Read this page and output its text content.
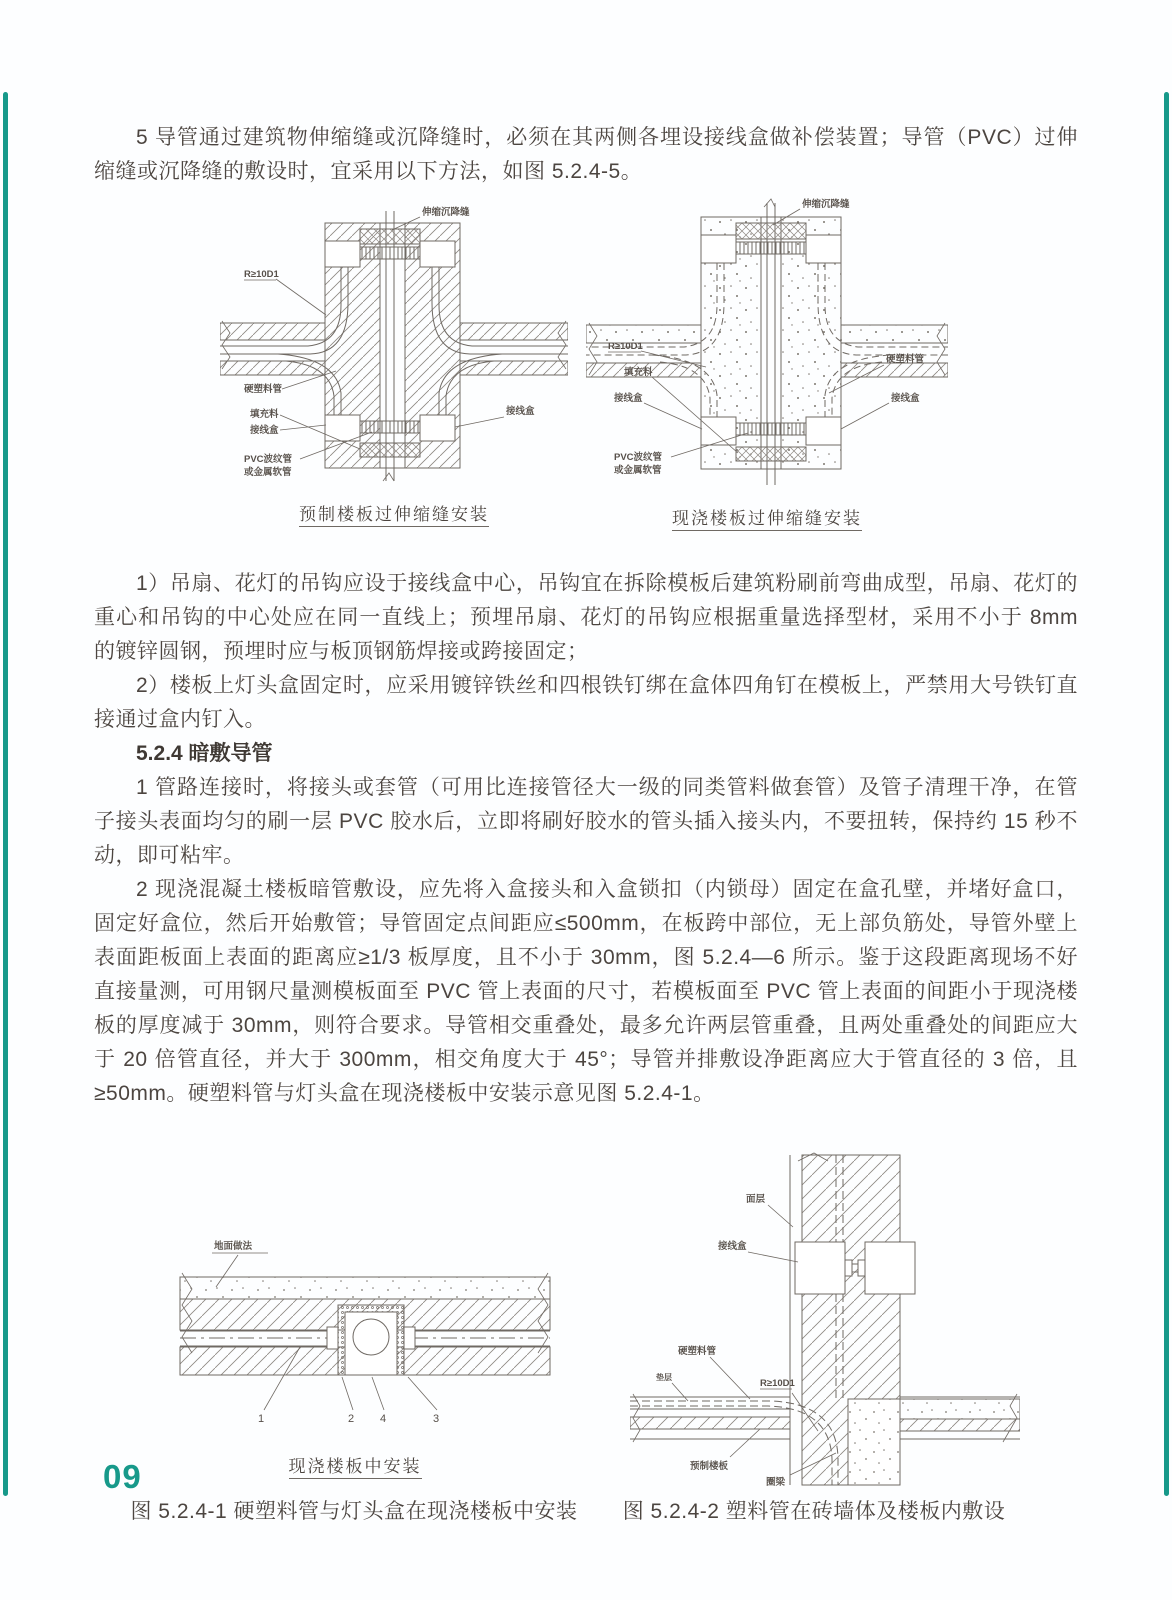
5 导管通过建筑物伸缩缝或沉降缝时，必须在其两侧各埋设接线盒做补偿装置；导管（PVC）过伸缩缝或沉降缝的敷设时，宜采用以下方法，如图 5.2.4-5。

伸缩沉降缝
R≥10D1
硬塑料管
填充料
接线盒
接线盒
PVC波纹管
或金属软管
预制楼板过伸缩缝安装
伸缩沉降缝
R≥10D1
填充料
接线盒
硬塑料管
接线盒
PVC波纹管
或金属软管
现浇楼板过伸缩缝安装

1）吊扇、花灯的吊钩应设于接线盒中心，吊钩宜在拆除模板后建筑粉刷前弯曲成型，吊扇、花灯的重心和吊钩的中心处应在同一直线上；预埋吊扇、花灯的吊钩应根据重量选择型材，采用不小于 8mm 的镀锌圆钢，预埋时应与板顶钢筋焊接或跨接固定；

2）楼板上灯头盒固定时，应采用镀锌铁丝和四根铁钉绑在盒体四角钉在模板上，严禁用大号铁钉直接通过盒内钉入。

5.2.4 暗敷导管

1 管路连接时，将接头或套管（可用比连接管径大一级的同类管料做套管）及管子清理干净，在管子接头表面均匀的刷一层 PVC 胶水后，立即将刷好胶水的管头插入接头内，不要扭转，保持约 15 秒不动，即可粘牢。

2 现浇混凝土楼板暗管敷设，应先将入盒接头和入盒锁扣（内锁母）固定在盒孔壁，并堵好盒口，固定好盒位，然后开始敷管；导管固定点间距应≤500mm，在板跨中部位，无上部负筋处，导管外壁上表面距板面上表面的距离应≥1/3 板厚度，且不小于 30mm，图 5.2.4—6 所示。鉴于这段距离现场不好直接量测，可用钢尺量测模板面至 PVC 管上表面的尺寸，若模板面至 PVC 管上表面的间距小于现浇楼板的厚度减于 30mm，则符合要求。导管相交重叠处，最多允许两层管重叠，且两处重叠处的间距应大于 20 倍管直径，并大于 300mm，相交角度大于 45°；导管并排敷设净距离应大于管直径的 3 倍，且≥50mm。硬塑料管与灯头盒在现浇楼板中安装示意见图 5.2.4-1。

地面做法
1	2 4	3
现浇楼板中安装
面层
接线盒
硬塑料管
R≥10D1
垫层
预制楼板
圈梁
图 5.2.4-1 硬塑料管与灯头盒在现浇楼板中安装	图 5.2.4-2 塑料管在砖墙体及楼板内敷设
09
